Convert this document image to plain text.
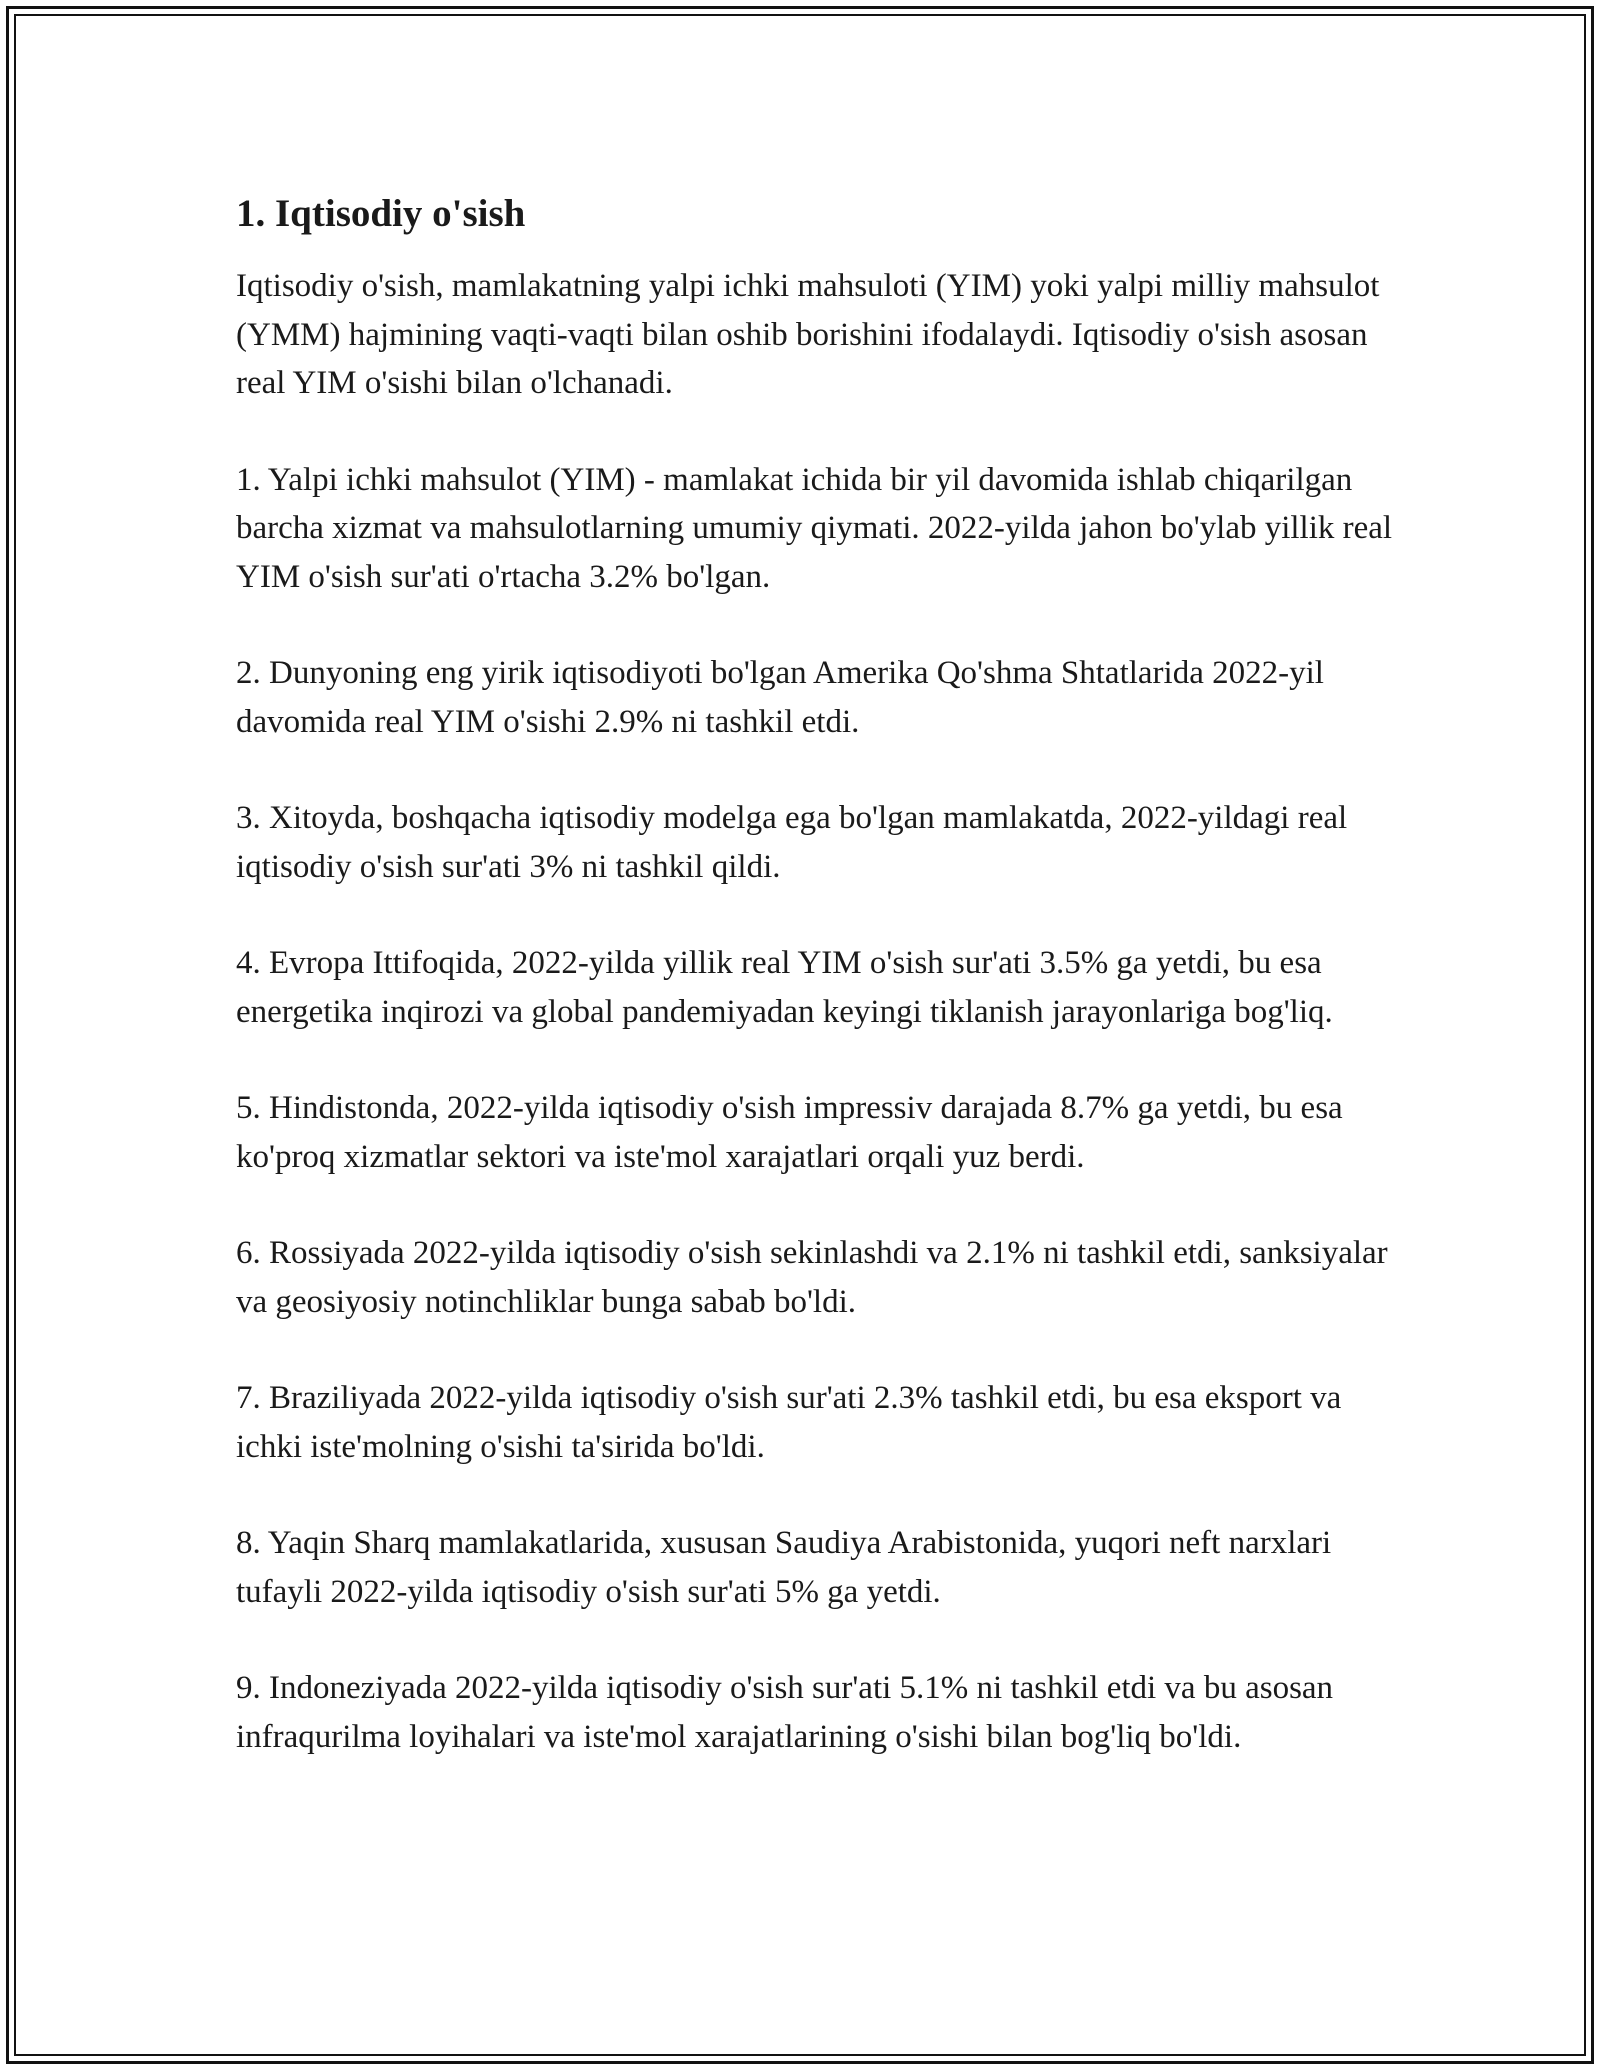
1. Iqtisodiy o'sish

Iqtisodiy o'sish, mamlakatning yalpi ichki mahsuloti (YIM) yoki yalpi milliy mahsulot (YMM) hajmining vaqti-vaqti bilan oshib borishini ifodalaydi. Iqtisodiy o'sish asosan real YIM o'sishi bilan o'lchanadi.

1. Yalpi ichki mahsulot (YIM) - mamlakat ichida bir yil davomida ishlab chiqarilgan barcha xizmat va mahsulotlarning umumiy qiymati. 2022-yilda jahon bo'ylab yillik real YIM o'sish sur'ati o'rtacha 3.2% bo'lgan.

2. Dunyoning eng yirik iqtisodiyoti bo'lgan Amerika Qo'shma Shtatlarida 2022-yil davomida real YIM o'sishi 2.9% ni tashkil etdi.

3. Xitoyda, boshqacha iqtisodiy modelga ega bo'lgan mamlakatda, 2022-yildagi real iqtisodiy o'sish sur'ati 3% ni tashkil qildi.

4. Evropa Ittifoqida, 2022-yilda yillik real YIM o'sish sur'ati 3.5% ga yetdi, bu esa energetika inqirozi va global pandemiyadan keyingi tiklanish jarayonlariga bog'liq.

5. Hindistonda, 2022-yilda iqtisodiy o'sish impressiv darajada 8.7% ga yetdi, bu esa ko'proq xizmatlar sektori va iste'mol xarajatlari orqali yuz berdi.

6. Rossiyada 2022-yilda iqtisodiy o'sish sekinlashdi va 2.1% ni tashkil etdi, sanksiyalar va geosiyosiy notinchliklar bunga sabab bo'ldi.

7. Braziliyada 2022-yilda iqtisodiy o'sish sur'ati 2.3% tashkil etdi, bu esa eksport va ichki iste'molning o'sishi ta'sirida bo'ldi.

8. Yaqin Sharq mamlakatlarida, xususan Saudiya Arabistonida, yuqori neft narxlari tufayli 2022-yilda iqtisodiy o'sish sur'ati 5% ga yetdi.

9. Indoneziyada 2022-yilda iqtisodiy o'sish sur'ati 5.1% ni tashkil etdi va bu asosan infraqurilma loyihalari va iste'mol xarajatlarining o'sishi bilan bog'liq bo'ldi.
